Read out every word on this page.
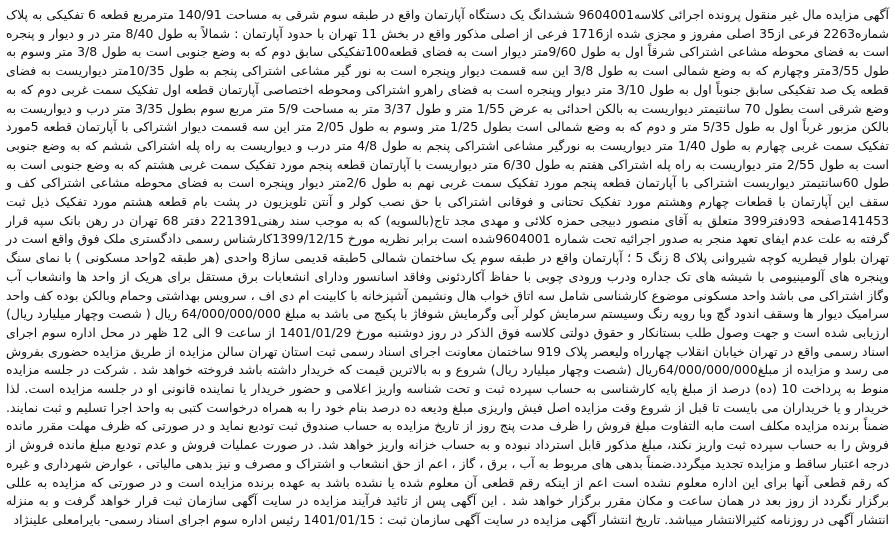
آگهی مزایده مال غیر منقول پرونده اجرائی کلاسه9604001 ششدانگ یک دستگاه آپارتمان واقع در طبقه سوم شرقی به مساحت 140/91 مترمربع قطعه 6 تفکیکی به پلاک شماره2263 فرعی از35 اصلی مفروز و مجزی شده از1716 فرعی از اصلی مذکور واقع در بخش 11 تهران با حدود آپارتمان : شمالاً به طول 8/40 متر در و دیوار و پنجره است به فضای محوطه مشاعی اشتراکی شرقاً اول به طول 9/60متر دیوار است به فضای قطعه100تفکیکی سابق دوم که به وضع جنوبی است به طول 3/8 متر وسوم به طول 3/55متر وچهارم که به وضع شمالی است به طول 3/8 این سه قسمت دیوار وپنجره است به نور گیر مشاعی اشتراکی پنجم به طول 10/35متر دیواریست به فضای قطعه یک صد تفکیکی سابق جنوباً اول به طول 3/10 متر دیوار وپنجره است به فضای راهرو اشتراکی ومحوطه اختصاصی آپارتمان قطعه اول تفکیک سمت غربی دوم که به وضع شرقی است بطول 70 سانتیمتر دیواریست به بالکن احدائی به عرض 1/55 متر و طول 3/37 متر به مساحت 5/9 متر مربع سوم بطول 3/35 متر درب و دیواریست به بالکن مزبور غرباً اول به طول 5/35 متر و دوم که به وضع شمالی است بطول 1/25 متر وسوم به طول 2/05 متر این سه قسمت دیوار اشتراکی با آپارتمان قطعه 5مورد تفکیک سمت غربی چهارم به طول 1/40 متر دیواریست به نورگیر مشاعی اشتراکی پنجم به طول 4/8 متر درب و دیواریست به راه پله اشتراکی ششم که به وضع جنوبی است به طول 2/55 متر دیواریست به راه پله اشتراکی هفتم به طول 6/30 متر دیواریست با آپارتمان قطعه پنجم مورد تفکیک سمت غربی هشتم که به وضع جنوبی است به طول 60سانتیمتر دیواریست اشتراکی با آپارتمان قطعه پنجم مورد تفکیک سمت غربی نهم به طول 2/6متر دیوار وپنجره است به فضای محوطه مشاعی اشتراکی کف و سقف این آپارتمان با قطعات چهارم وهشتم مورد تفکیک تحتانی و فوقانی اشتراکی با حق نصب کولر و آنتن تلویزیون در پشت بام قطعه هشتم مورد تفکیک ذیل ثبت 141453صفحه 93دفتر399 متعلق به آقای منصور دبیجی حمزه کلائی و مهدی مجد تاج(بالسویه) که به موجب سند رهنی221391 دفتر 68 تهران در رهن بانک سپه قرار گرفته به علت عدم ایفای تعهد منجر به صدور اجرائیه تحت شماره 9604001شده است برابر نظریه مورخ 1399/12/15کارشناس رسمی دادگستری ملک فوق واقع است در تهران بلوار قیطریه کوچه شیروانی پلاک 8 زنگ 5 ؛ آپارتمان واقع در طبقه سوم یک ساختمان شمالی 5طبقه قدیمی ساز8 واحدی (هر طبقه 2واحد مسکونی ) با نمای سنگ وپنجره های آلومینیومی با شیشه های تک جداره ودرب ورودی چوبی با حفاظ آکاردئونی وفاقد اسانسور ودارای انشعابات برق مستقل برای هریک از واحد ها وانشعاب آب وگاز اشتراکی می باشد واحد مسکونی موضوع کارشناسی شامل سه اتاق خواب هال ونشیمن آشپزخانه با کابینت ام دی اف ، سرویس بهداشتی وحمام وبالکن بوده کف واحد سرامیک دیوار ها وسقف اندود گچ وبا رویه رنگ وسیستم سرمایش کولر آبی وگرمایش شوفاژ با پکیج می باشد به مبلغ 64/000/000/000 ریال ( شصت وچهار میلیارد ریال) ارزیابی شده است و جهت وصول طلب بستانکار و حقوق دولتی کلاسه فوق الذکر در روز دوشنبه مورخ 1401/01/29 از ساعت 9 الی 12 ظهر در محل اداره سوم اجرای اسناد رسمی واقع در تهران خیابان انقلاب چهارراه ولیعصر پلاک 919 ساختمان معاونت اجرای اسناد رسمی ثبت استان تهران سالن مزایده از طریق مزایده حضوری بفروش می رسد و مزایده از مبلغ64/000/000/000ریال (شصت وچهار میلیارد ریال) شروع و به بالاترین قیمت که خریدار داشته باشد فروخته خواهد شد . شرکت در جلسه مزایده منوط به پرداخت 10 (ده) درصد از مبلغ پایه کارشناسی به حساب سپرده ثبت و تحت شناسه واریز اعلامی و حضور خریدار یا نماینده قانونی او در جلسه مزایده است. لذا خریدار و یا خریداران می بایست تا قبل از شروع وقت مزایده اصل فیش واریزی مبلغ ودیعه ده درصد بنام خود را به همراه درخواست کتبی به واحد اجرا تسلیم و ثبت نمایند. ضمناً برنده مزایده مکلف است مابه التفاوت مبلغ فروش را ظرف مدت پنج روز از تاریخ مزایده به حساب صندوق ثبت تودیع نماید و در صورتی که ظرف مهلت مقرر مانده فروش را به حساب سپرده ثبت واریز نکند، مبلغ مذکور قابل استرداد نبوده و به حساب خزانه واریز خواهد شد. در صورت عملیات فروش و عدم تودیع مبلغ مانده فروش از درجه اعتبار ساقط و مزایده تجدید میگردد.ضمناً بدهی های مربوط به آب ، برق ، گاز ، اعم از حق انشعاب و اشتراک و مصرف و نیز بدهی مالیاتی ، عوارض شهرداری و غیره که رقم قطعی آنها برای این اداره معلوم نشده است اعم از اینکه رقم قطعی آن معلوم شده یا نشده باشد به عهده برنده مزایده است و در صورتی که مزایده به عللی برگزار نگردد از روز بعد در همان ساعت و مکان مقرر برگزار خواهد شد . این آگهی پس از تائید فرآیند مزایده در سایت آگهی سازمان ثبت قرار خواهد گرفت و به منزله انتشار آگهی در روزنامه کثیرالانتشار میباشد. تاریخ انتشار آگهی مزایده در سایت آگهی سازمان ثبت : 1401/01/15 رئیس اداره سوم اجرای اسناد رسمی- بایرامعلی علینژاد
